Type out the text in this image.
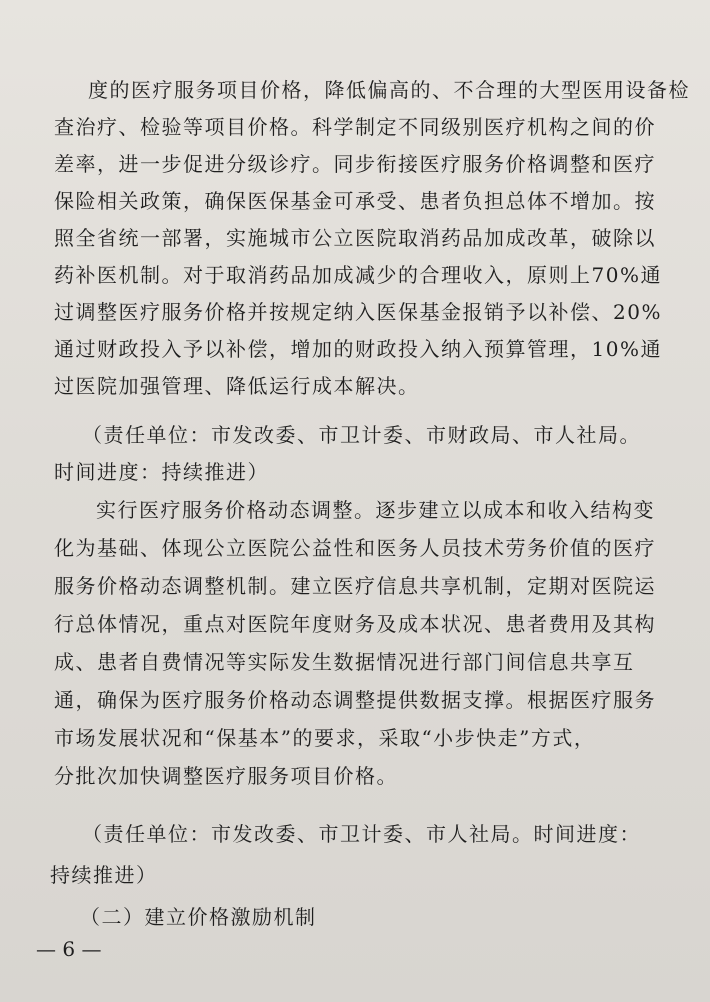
度的医疗服务项目价格，降低偏高的、不合理的大型医用设备检
查治疗、检验等项目价格。科学制定不同级别医疗机构之间的价
差率，进一步促进分级诊疗。同步衔接医疗服务价格调整和医疗
保险相关政策，确保医保基金可承受、患者负担总体不增加。按
照全省统一部署，实施城市公立医院取消药品加成改革，破除以
药补医机制。对于取消药品加成减少的合理收入，原则上70%通
过调整医疗服务价格并按规定纳入医保基金报销予以补偿、20%
通过财政投入予以补偿，增加的财政投入纳入预算管理，10%通
过医院加强管理、降低运行成本解决。
（责任单位：市发改委、市卫计委、市财政局、市人社局。
时间进度：持续推进）
实行医疗服务价格动态调整。逐步建立以成本和收入结构变
化为基础、体现公立医院公益性和医务人员技术劳务价值的医疗
服务价格动态调整机制。建立医疗信息共享机制，定期对医院运
行总体情况，重点对医院年度财务及成本状况、患者费用及其构
成、患者自费情况等实际发生数据情况进行部门间信息共享互
通，确保为医疗服务价格动态调整提供数据支撑。根据医疗服务
市场发展状况和“保基本”的要求，采取“小步快走”方式，
分批次加快调整医疗服务项目价格。
（责任单位：市发改委、市卫计委、市人社局。时间进度：
持续推进）
（二）建立价格激励机制
— 6 —
